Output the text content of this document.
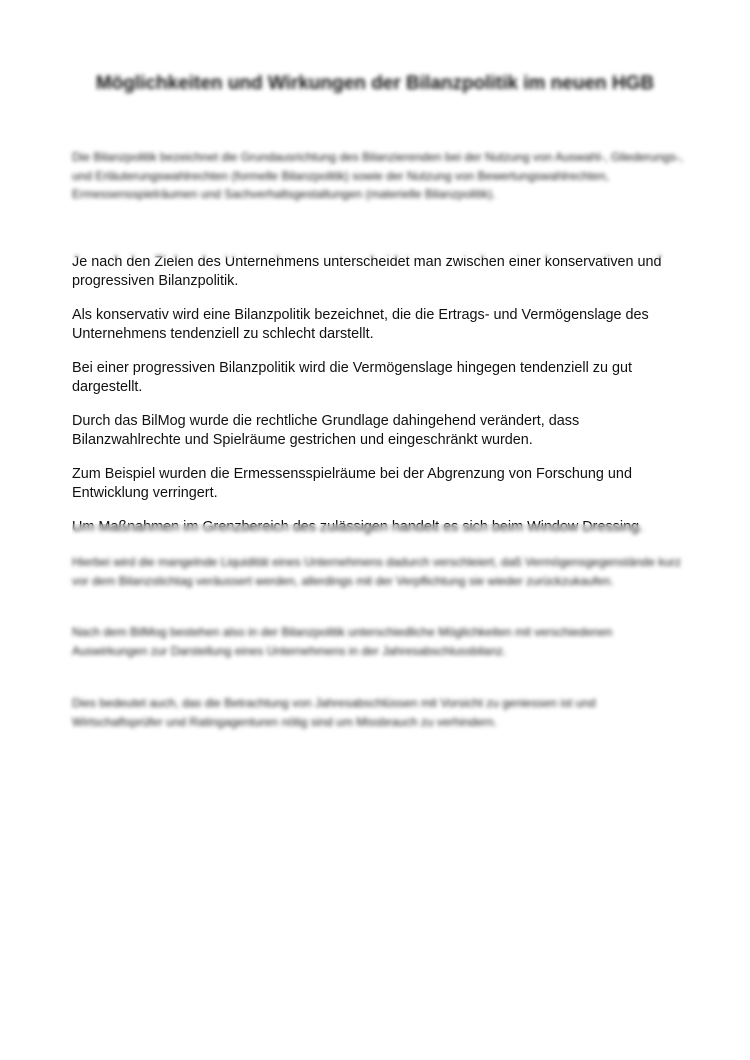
Möglichkeiten und Wirkungen der Bilanzpolitik im neuen HGB

Die Bilanzpolitik bezeichnet die Grundausrichtung des Bilanzierenden bei der Nutzung von Auswahl-, Gliederungs-, und Erläuterungswahlrechten (formelle Bilanzpolitik) sowie der Nutzung von Bewertungswahlrechten, Ermessensspielräumen und Sachverhaltsgestaltungen (materielle Bilanzpolitik).

Je nach den Zielen des Unternehmens unterscheidet man zwischen einer konservativen und progressiven Bilanzpolitik.

Als konservativ wird eine Bilanzpolitik bezeichnet, die die Ertrags- und Vermögenslage des Unternehmens tendenziell zu schlecht darstellt.

Bei einer progressiven Bilanzpolitik wird die Vermögenslage hingegen tendenziell zu gut dargestellt.

Durch das BilMog wurde die rechtliche Grundlage dahingehend verändert, dass Bilanzwahlrechte und Spielräume gestrichen und eingeschränkt wurden.

Zum Beispiel wurden die Ermessensspielräume bei der Abgrenzung von Forschung und Entwicklung verringert.

Um Maßnahmen im Grenzbereich des zulässigen handelt es sich beim Window Dressing.

Hierbei wird die mangelnde Liquidität eines Unternehmens dadurch verschleiert, daß Vermögensgegenstände kurz vor dem Bilanzstichtag veräussert werden, allerdings mit der Verpflichtung sie wieder zurückzukaufen.

Nach dem BilMog bestehen also in der Bilanzpolitik unterschiedliche Möglichkeiten mit verschiedenen Auswirkungen zur Darstellung eines Unternehmens in der Jahresabschlussbilanz.

Dies bedeutet auch, das die Betrachtung von Jahresabschlüssen mit Vorsicht zu geniessen ist und Wirtschaftsprüfer und Ratingagenturen nötig sind um Missbrauch zu verhindern.
